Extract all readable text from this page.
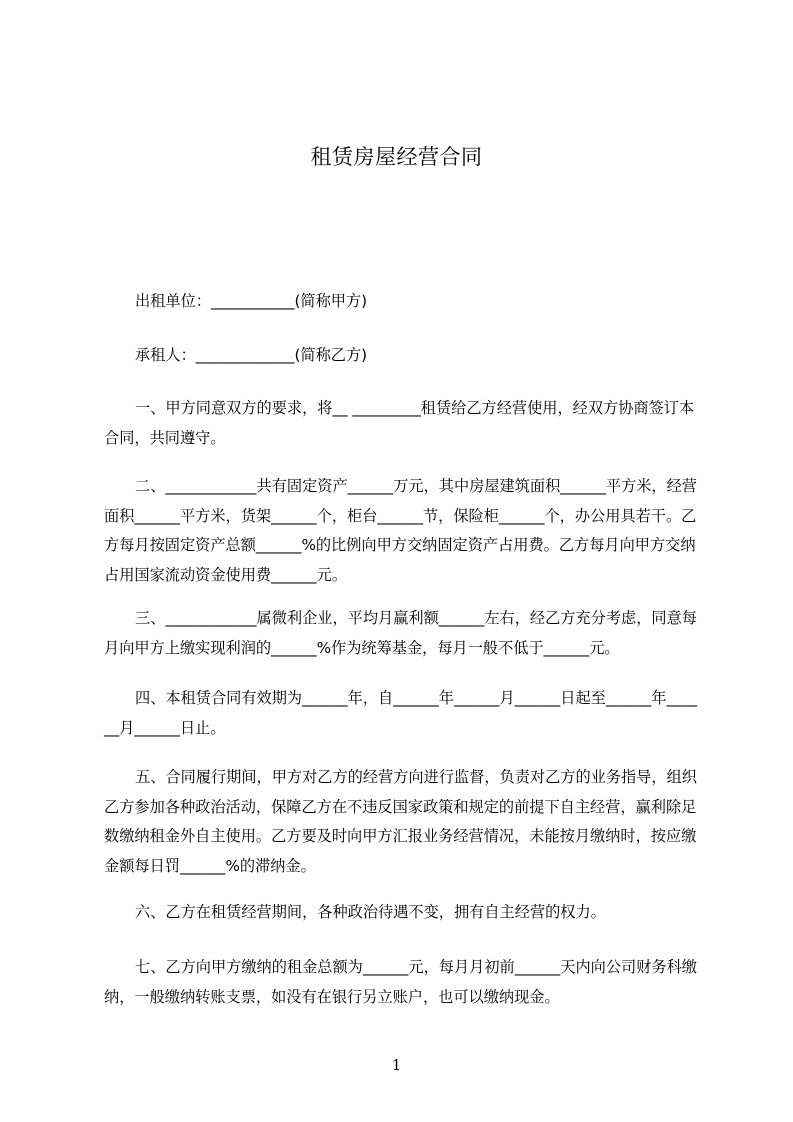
租赁房屋经营合同
出租单位：___________(简称甲方)
承租人：_____________(简称乙方)
一、甲方同意双方的要求，将__ _________租赁给乙方经营使用，经双方协商签订本合同，共同遵守。
二、____________共有固定资产______万元，其中房屋建筑面积______平方米，经营面积______平方米，货架______个，柜台______节，保险柜______个，办公用具若干。乙方每月按固定资产总额______%的比例向甲方交纳固定资产占用费。乙方每月向甲方交纳占用国家流动资金使用费______元。
三、____________属微利企业，平均月赢利额______左右，经乙方充分考虑，同意每月向甲方上缴实现利润的______%作为统筹基金，每月一般不低于______元。
四、本租赁合同有效期为______年，自______年______月______日起至______年______月______日止。
五、合同履行期间，甲方对乙方的经营方向进行监督，负责对乙方的业务指导，组织乙方参加各种政治活动，保障乙方在不违反国家政策和规定的前提下自主经营，赢利除足数缴纳租金外自主使用。乙方要及时向甲方汇报业务经营情况，未能按月缴纳时，按应缴金额每日罚______%的滞纳金。
六、乙方在租赁经营期间，各种政治待遇不变，拥有自主经营的权力。
七、乙方向甲方缴纳的租金总额为______元，每月月初前______天内向公司财务科缴纳，一般缴纳转账支票，如没有在银行另立账户，也可以缴纳现金。
1
